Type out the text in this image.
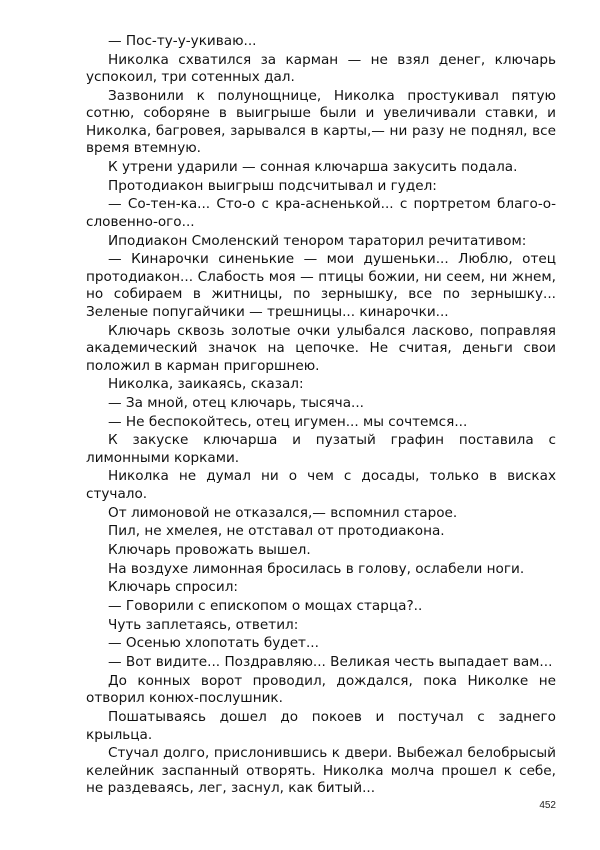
— Пос-ту-у-укиваю...

Николка схватился за карман — не взял денег, ключарь успокоил, три сотенных дал.

Зазвонили к полунощнице, Николка простукивал пятую сотню, соборяне в выигрыше были и увеличивали ставки, и Николка, багровея, зарывался в карты,— ни разу не поднял, все время втемную.

К утрени ударили — сонная ключарша закусить подала.

Протодиакон выигрыш подсчитывал и гудел:

— Со-тен-ка... Сто-о с кра-асненькой... с портретом благо-о-словенно-ого...

Иподиакон Смоленский тенором тараторил речитативом:

— Кинарочки синенькие — мои душеньки... Люблю, отец протодиакон... Слабость моя — птицы божии, ни сеем, ни жнем, но собираем в житницы, по зернышку, все по зернышку... Зеленые попугайчики — трешницы... кинарочки...

Ключарь сквозь золотые очки улыбался ласково, поправляя академический значок на цепочке. Не считая, деньги свои положил в карман пригоршнею.

Николка, заикаясь, сказал:

— За мной, отец ключарь, тысяча...

— Не беспокойтесь, отец игумен... мы сочтемся...

К закуске ключарша и пузатый графин поставила с лимонными корками.

Николка не думал ни о чем с досады, только в висках стучало.

От лимоновой не отказался,— вспомнил старое.

Пил, не хмелея, не отставал от протодиакона.

Ключарь провожать вышел.

На воздухе лимонная бросилась в голову, ослабели ноги.

Ключарь спросил:

— Говорили с епископом о мощах старца?..

Чуть заплетаясь, ответил:

— Осенью хлопотать будет...

— Вот видите... Поздравляю... Великая честь выпадает вам...

До конных ворот проводил, дождался, пока Николке не отворил конюх-послушник.

Пошатываясь дошел до покоев и постучал с заднего крыльца.

Стучал долго, прислонившись к двери. Выбежал белобрысый келейник заспанный отворять. Николка молча прошел к себе, не раздеваясь, лег, заснул, как битый...

452
